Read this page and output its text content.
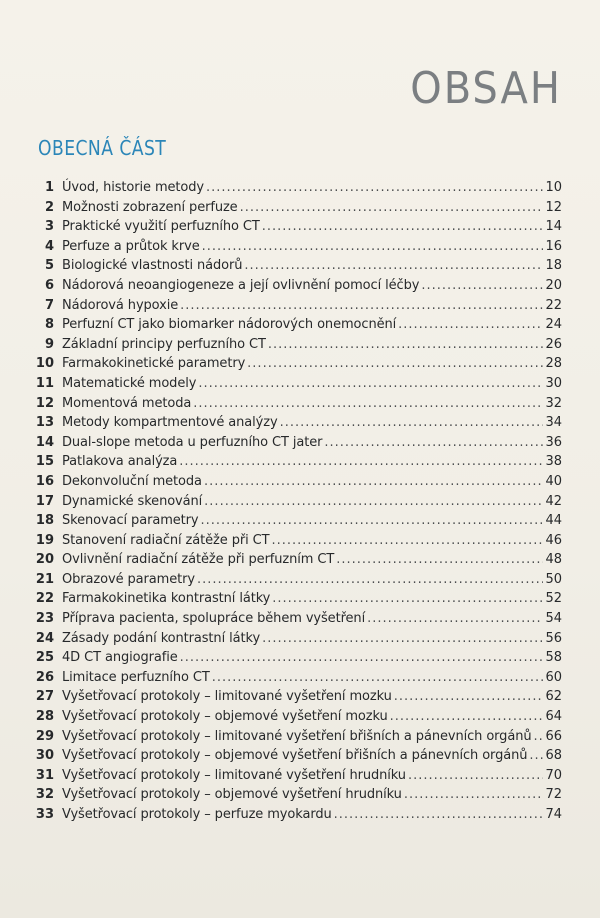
OBSAH
OBECNÁ ČÁST
1 Úvod, historie metody .....	10
2 Možnosti zobrazení perfuze .....	12
3 Praktické využití perfuzního CT .....	14
4 Perfuze a průtok krve .....	16
5 Biologické vlastnosti nádorů .....	18
6 Nádorová neoangiogeneze a její ovlivnění pomocí léčby .....	20
7 Nádorová hypoxie .....	22
8 Perfuzní CT jako biomarker nádorových onemocnění .....	24
9 Základní principy perfuzního CT .....	26
10 Farmakokinetické parametry .....	28
11 Matematické modely .....	30
12 Momentová metoda .....	32
13 Metody kompartmentové analýzy .....	34
14 Dual-slope metoda u perfuzního CT jater .....	36
15 Patlakova analýza .....	38
16 Dekonvoluční metoda .....	40
17 Dynamické skenování .....	42
18 Skenovací parametry .....	44
19 Stanovení radiační zátěže při CT .....	46
20 Ovlivnění radiační zátěže při perfuzním CT .....	48
21 Obrazové parametry .....	50
22 Farmakokinetika kontrastní látky .....	52
23 Příprava pacienta, spolupráce během vyšetření .....	54
24 Zásady podání kontrastní látky .....	56
25 4D CT angiografie .....	58
26 Limitace perfuzního CT .....	60
27 Vyšetřovací protokoly – limitované vyšetření mozku .....	62
28 Vyšetřovací protokoly – objemové vyšetření mozku .....	64
29 Vyšetřovací protokoly – limitované vyšetření břišních a pánevních orgánů ..... 66
30 Vyšetřovací protokoly – objemové vyšetření břišních a pánevních orgánů ..... 68
31 Vyšetřovací protokoly – limitované vyšetření hrudníku .....	70
32 Vyšetřovací protokoly – objemové vyšetření hrudníku .....	72
33 Vyšetřovací protokoly – perfuze myokardu .....	74
